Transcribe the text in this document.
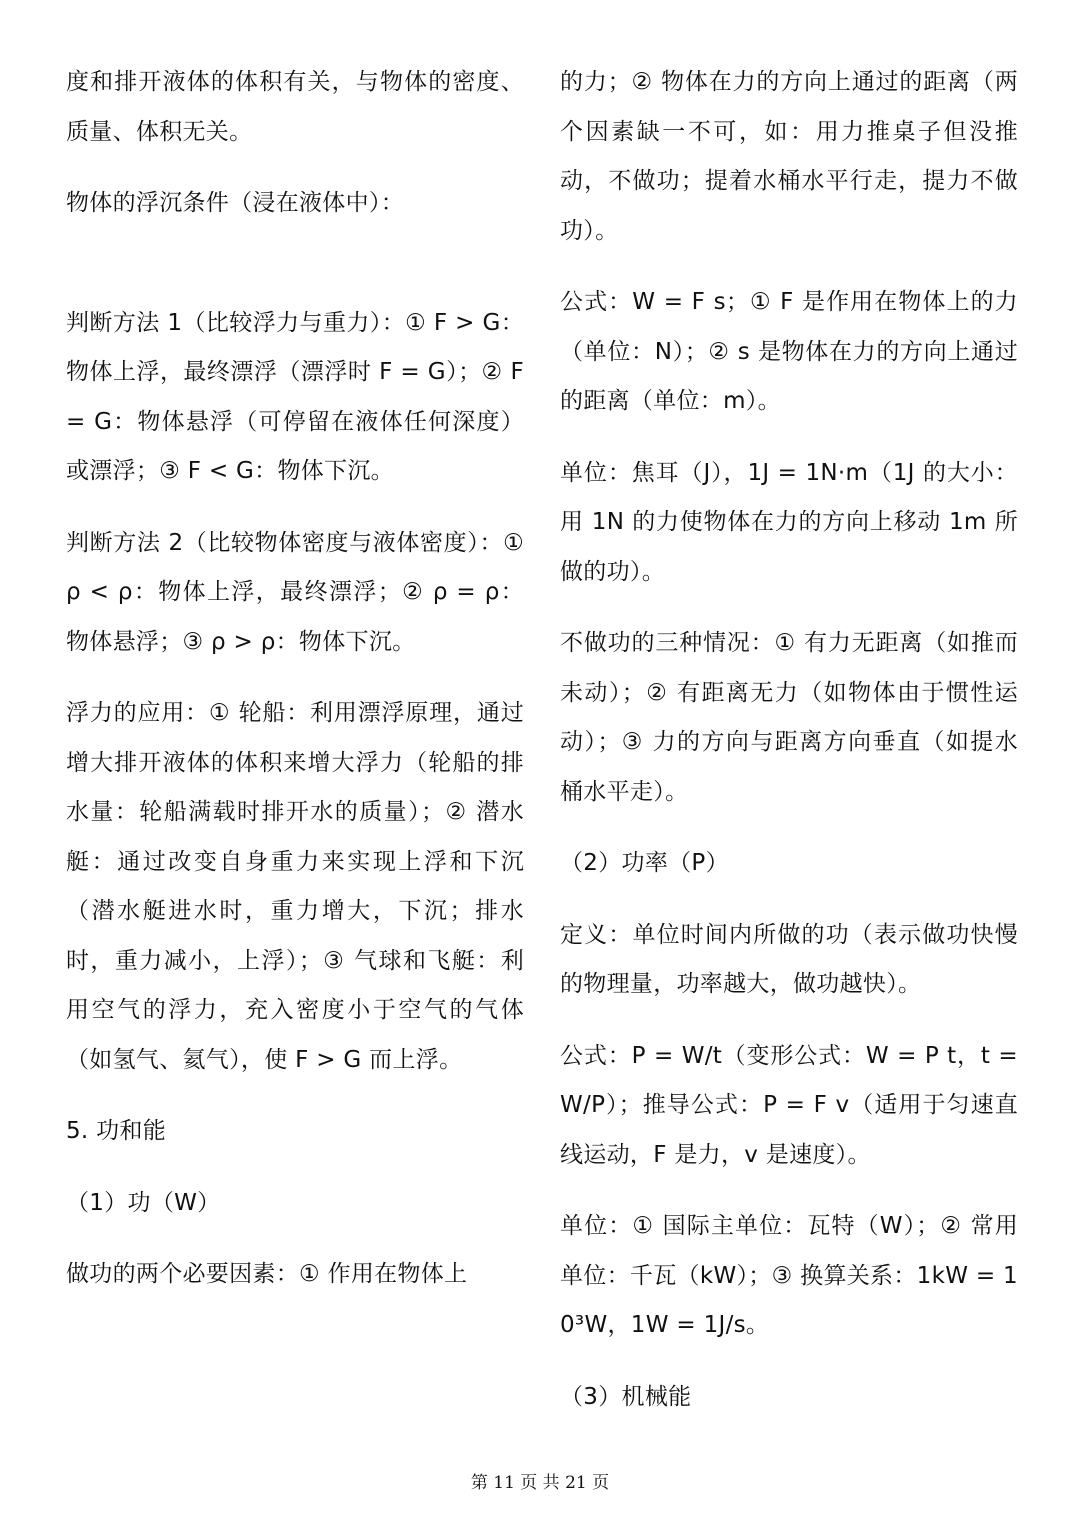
度和排开液体的体积有关，与物体的密度、质量、体积无关。

物体的浮沉条件（浸在液体中）：

判断方法 1（比较浮力与重力）：① F > G：物体上浮，最终漂浮（漂浮时 F = G）；② F = G：物体悬浮（可停留在液体任何深度）或漂浮；③ F < G：物体下沉。

判断方法 2（比较物体密度与液体密度）：① ρ < ρ：物体上浮，最终漂浮；② ρ = ρ：物体悬浮；③ ρ > ρ：物体下沉。

浮力的应用：① 轮船：利用漂浮原理，通过增大排开液体的体积来增大浮力（轮船的排水量：轮船满载时排开水的质量）；② 潜水艇：通过改变自身重力来实现上浮和下沉（潜水艇进水时，重力增大，下沉；排水时，重力减小，上浮）；③ 气球和飞艇：利用空气的浮力，充入密度小于空气的气体（如氢气、氦气），使 F > G 而上浮。

5. 功和能

（1）功（W）

做功的两个必要因素：① 作用在物体上

的力；② 物体在力的方向上通过的距离（两个因素缺一不可，如：用力推桌子但没推动，不做功；提着水桶水平行走，提力不做功）。

公式：W = F s；① F 是作用在物体上的力（单位：N）；② s 是物体在力的方向上通过的距离（单位：m）。

单位：焦耳（J），1J = 1N·m（1J 的大小：用 1N 的力使物体在力的方向上移动 1m 所做的功）。

不做功的三种情况：① 有力无距离（如推而未动）；② 有距离无力（如物体由于惯性运动）；③ 力的方向与距离方向垂直（如提水桶水平走）。

（2）功率（P）

定义：单位时间内所做的功（表示做功快慢的物理量，功率越大，做功越快）。

公式：P = W/t（变形公式：W = P t，t = W/P）；推导公式：P = F v（适用于匀速直线运动，F 是力，v 是速度）。

单位：① 国际主单位：瓦特（W）；② 常用单位：千瓦（kW）；③ 换算关系：1kW = 10³W，1W = 1J/s。

（3）机械能

第 11 页 共 21 页
